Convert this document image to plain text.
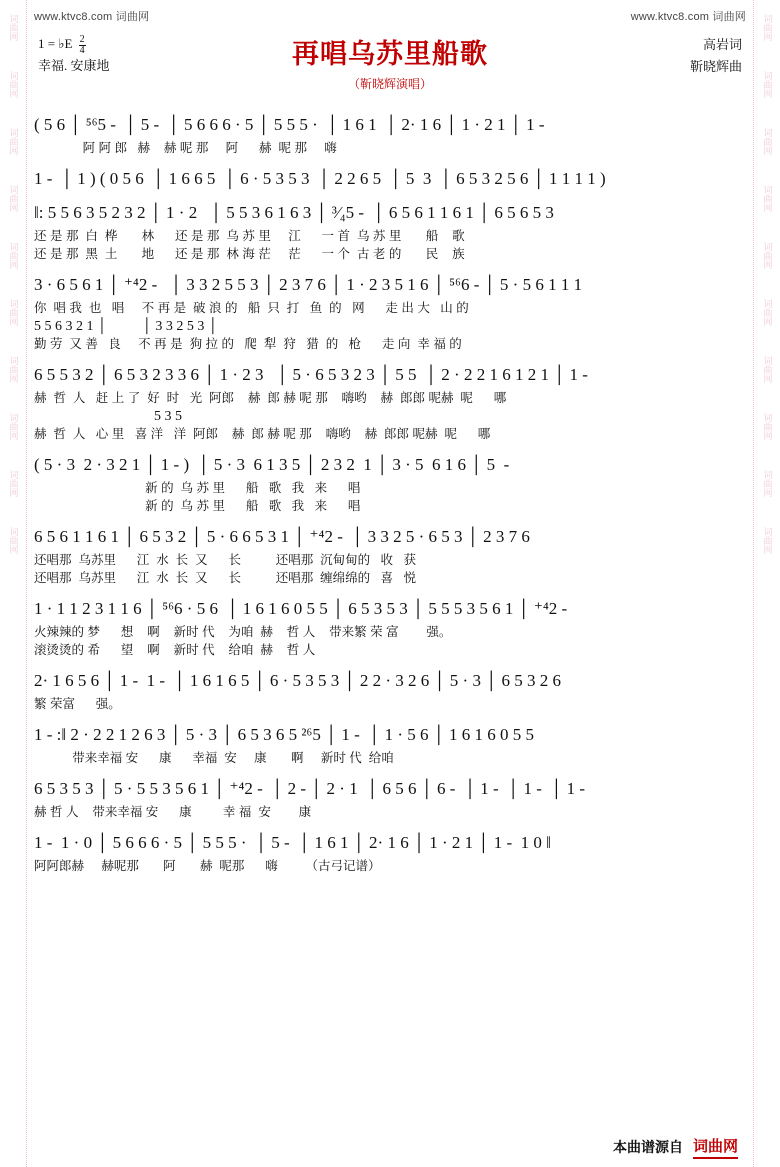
词曲网
词曲网
词曲网
词曲网
词曲网
词曲网
词曲网
词曲网
词曲网
词曲网
词曲网
词曲网
词曲网
词曲网
词曲网
词曲网
词曲网
词曲网
词曲网
词曲网
www.ktvc8.com 词曲网	www.ktvc8.com 词曲网
再唱乌苏里船歌
（靳晓辉演唱）
1 = ♭E $\frac{2}{4}$
幸福. 安康地
高岩词
靳晓辉曲
( 5 6 │ ⁵⁶5 -  │ 5 -  │ 5 6 6 6 · 5 │ 5 5 5 ·  │ 1 6 1  │ 2· 1 6 │ 1 · 2 1 │ 1 -
阿 阿 郎   赫    赫 呢 那     阿      赫  呢 那     嗨
1 -  │ 1 ) ( 0 5 6  │ 1 6 6 5  │ 6 · 5 3 5 3  │ 2 2 6 5  │ 5  3  │ 6 5 3 2 5 6 │ 1 1 1 1 )
‖: 5 5 6 3 5 2 3 2 │ 1 · 2   │ 5 5 3 6 1 6 3 │ ³⁄₄5 -  │ 6 5 6 1 1 6 1 │ 6 5 6 5 3
还 是 那  白  桦       林      还 是 那  乌 苏 里     江      一 首  乌 苏 里       船    歌
还 是 那  黑  土       地      还 是 那  林 海 茫     茫      一 个  古 老 的       民    族
3 · 6 5 6 1 │ ⁺⁴2 -   │ 3 3 2 5 5 3 │ 2 3 7 6 │ 1 · 2 3 5 1 6 │ ⁵⁶6 - │ 5 · 5 6 1 1 1
你  唱 我  也   唱     不 再 是  破 浪 的   船  只  打   鱼  的   网      走 出 大   山 的
5 5 6 3 2 1 │          │ 3 3 2 5 3 │
勤 劳  又 善   良     不 再 是  狗 拉 的   爬  犁  狩   猎  的   枪      走 向  幸 福 的
6 5 5 3 2 │ 6 5 3 2 3 3 6 │ 1 · 2 3   │ 5 · 6 5 3 2 3 │ 5 5  │ 2 · 2 2 1 6 1 2 1 │ 1 -
赫  哲  人   赶 上 了  好  时   光  阿郎    赫  郎 赫 呢 那    嗨哟    赫  郎郎 呢赫  呢      哪
5 3 5
赫  哲  人   心 里   喜 洋   洋  阿郎    赫  郎 赫 呢 那    嗨哟    赫  郎郎 呢赫  呢      哪
( 5 · 3  2 · 3 2 1 │ 1 - )  │ 5 · 3  6 1 3 5 │ 2 3 2  1 │ 3 · 5  6 1 6 │ 5  -
新 的  乌 苏 里      船   歌   我   来      唱
新 的  乌 苏 里      船   歌   我   来      唱
6 5 6 1 1 6 1 │ 6 5 3 2 │ 5 · 6 6 5 3 1 │ ⁺⁴2 -  │ 3 3 2 5 · 6 5 3 │ 2 3 7 6
还唱那  乌苏里      江  水  长  又      长          还唱那  沉甸甸的   收   获
还唱那  乌苏里      江  水  长  又      长          还唱那  缠绵绵的   喜   悦
1 · 1 1 2 3 1 1 6 │ ⁵⁶6 · 5 6  │ 1 6 1 6 0 5 5 │ 6 5 3 5 3 │ 5 5 5 3 5 6 1 │ ⁺⁴2 -
火辣辣的 梦      想    啊    新时 代    为咱  赫    哲 人    带来繁 荣 富        强。
滚烫烫的 希      望    啊    新时 代    给咱  赫    哲 人
2· 1 6 5 6 │ 1 -  1 -  │ 1 6 1 6 5 │ 6 · 5 3 5 3 │ 2 2 · 3 2 6 │ 5 · 3 │ 6 5 3 2 6
繁 荣富      强。
1 - :‖ 2 · 2 2 1 2 6 3 │ 5 · 3 │ 6 5 3 6 5 ²⁶5 │ 1 -  │ 1 · 5 6 │ 1 6 1 6 0 5 5
带来幸福 安      康      幸福  安     康       啊     新时 代  给咱
6 5 3 5 3 │ 5 · 5 5 3 5 6 1 │ ⁺⁴2 -  │ 2 - │ 2 · 1  │ 6 5 6 │ 6 -  │ 1 -  │ 1 -  │ 1 -
赫 哲 人    带来幸福 安      康         幸 福  安        康
1 -  1 · 0 │ 5 6 6 6 · 5 │ 5 5 5 ·  │ 5 -  │ 1 6 1 │ 2· 1 6 │ 1 · 2 1 │ 1 -  1 0 ‖
阿阿郎赫     赫呢那       阿       赫  呢那      嗨        （古弓记谱）
本曲谱源自 词曲网
